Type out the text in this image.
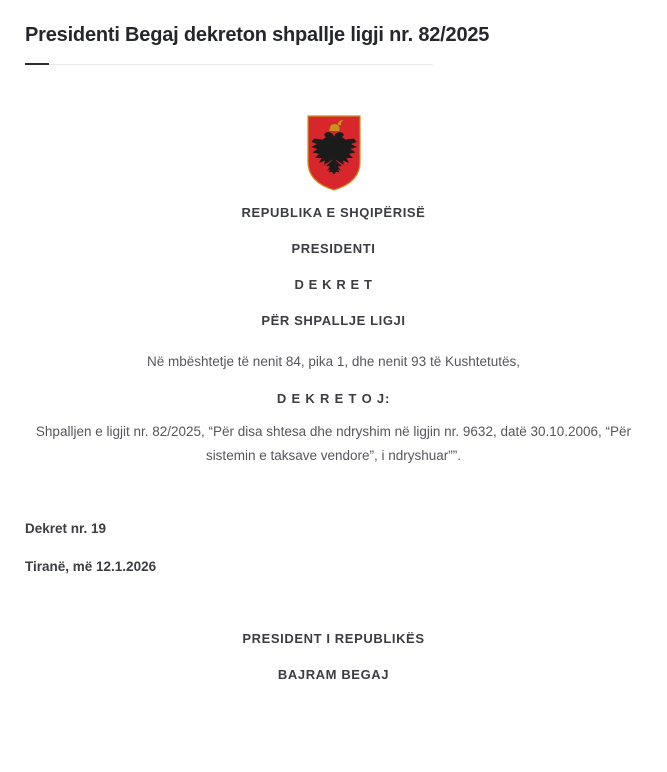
Presidenti Begaj dekreton shpallje ligji nr. 82/2025

REPUBLIKA E SHQIPËRISË

PRESIDENTI

D E K R E T

PËR SHPALLJE LIGJI

Në mbështetje të nenit 84, pika 1, dhe nenit 93 të Kushtetutës,

D E K R E T O J:

Shpalljen e ligjit nr. 82/2025, “Për disa shtesa dhe ndryshim në ligjin nr. 9632, datë 30.10.2006, “Për sistemin e taksave vendore”, i ndryshuar””.

Dekret nr. 19

Tiranë, më 12.1.2026

PRESIDENT I REPUBLIKËS

BAJRAM BEGAJ
